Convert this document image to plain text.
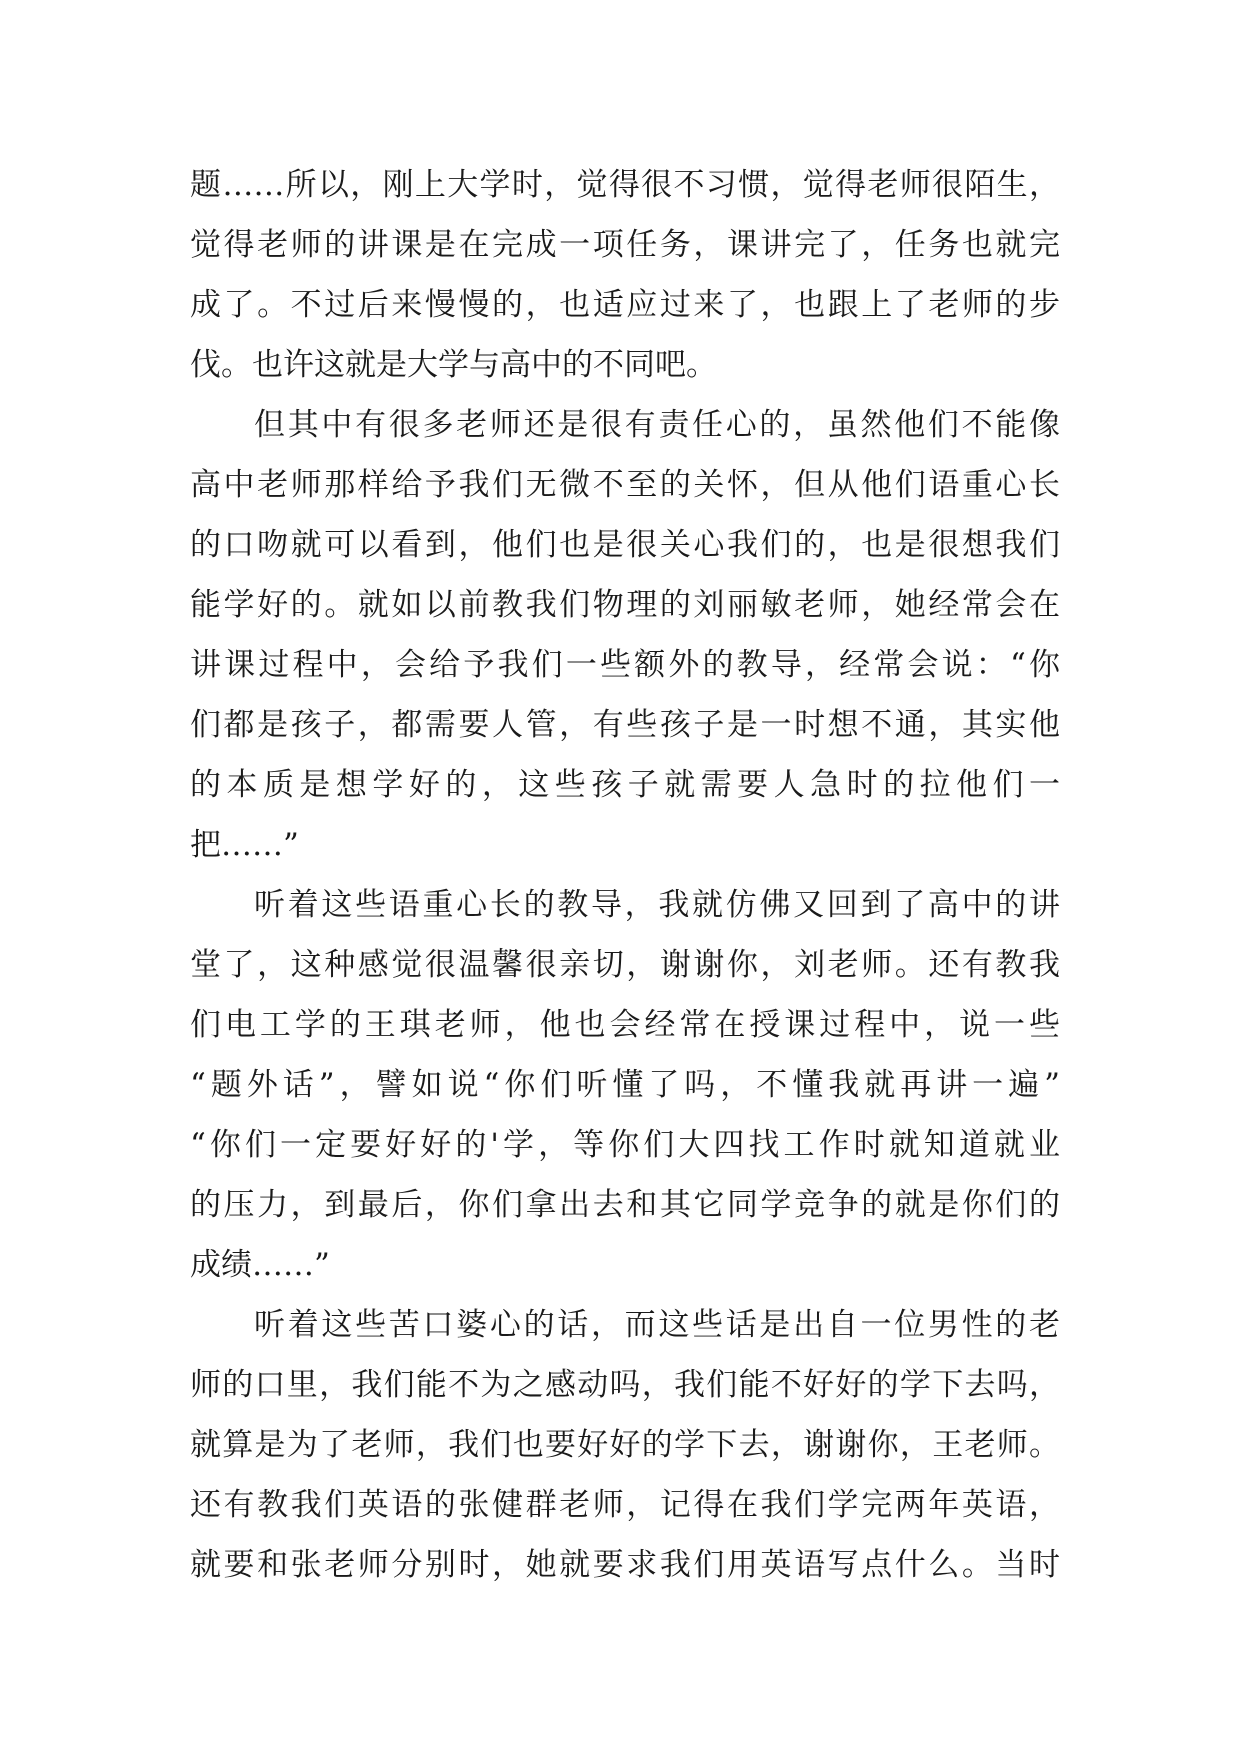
题……所以，刚上大学时，觉得很不习惯，觉得老师很陌生，
觉得老师的讲课是在完成一项任务，课讲完了，任务也就完
成了。不过后来慢慢的，也适应过来了，也跟上了老师的步
伐。也许这就是大学与高中的不同吧。
但其中有很多老师还是很有责任心的，虽然他们不能像
高中老师那样给予我们无微不至的关怀，但从他们语重心长
的口吻就可以看到，他们也是很关心我们的，也是很想我们
能学好的。就如以前教我们物理的刘丽敏老师，她经常会在
讲课过程中，会给予我们一些额外的教导，经常会说：“你
们都是孩子，都需要人管，有些孩子是一时想不通，其实他
的本质是想学好的，这些孩子就需要人急时的拉他们一
把……”
听着这些语重心长的教导，我就仿佛又回到了高中的讲
堂了，这种感觉很温馨很亲切，谢谢你，刘老师。还有教我
们电工学的王琪老师，他也会经常在授课过程中，说一些
“题外话”，譬如说“你们听懂了吗，不懂我就再讲一遍”
“你们一定要好好的'学，等你们大四找工作时就知道就业
的压力，到最后，你们拿出去和其它同学竞争的就是你们的
成绩……”
听着这些苦口婆心的话，而这些话是出自一位男性的老
师的口里，我们能不为之感动吗，我们能不好好的学下去吗，
就算是为了老师，我们也要好好的学下去，谢谢你，王老师。
还有教我们英语的张健群老师，记得在我们学完两年英语，
就要和张老师分别时，她就要求我们用英语写点什么。当时
